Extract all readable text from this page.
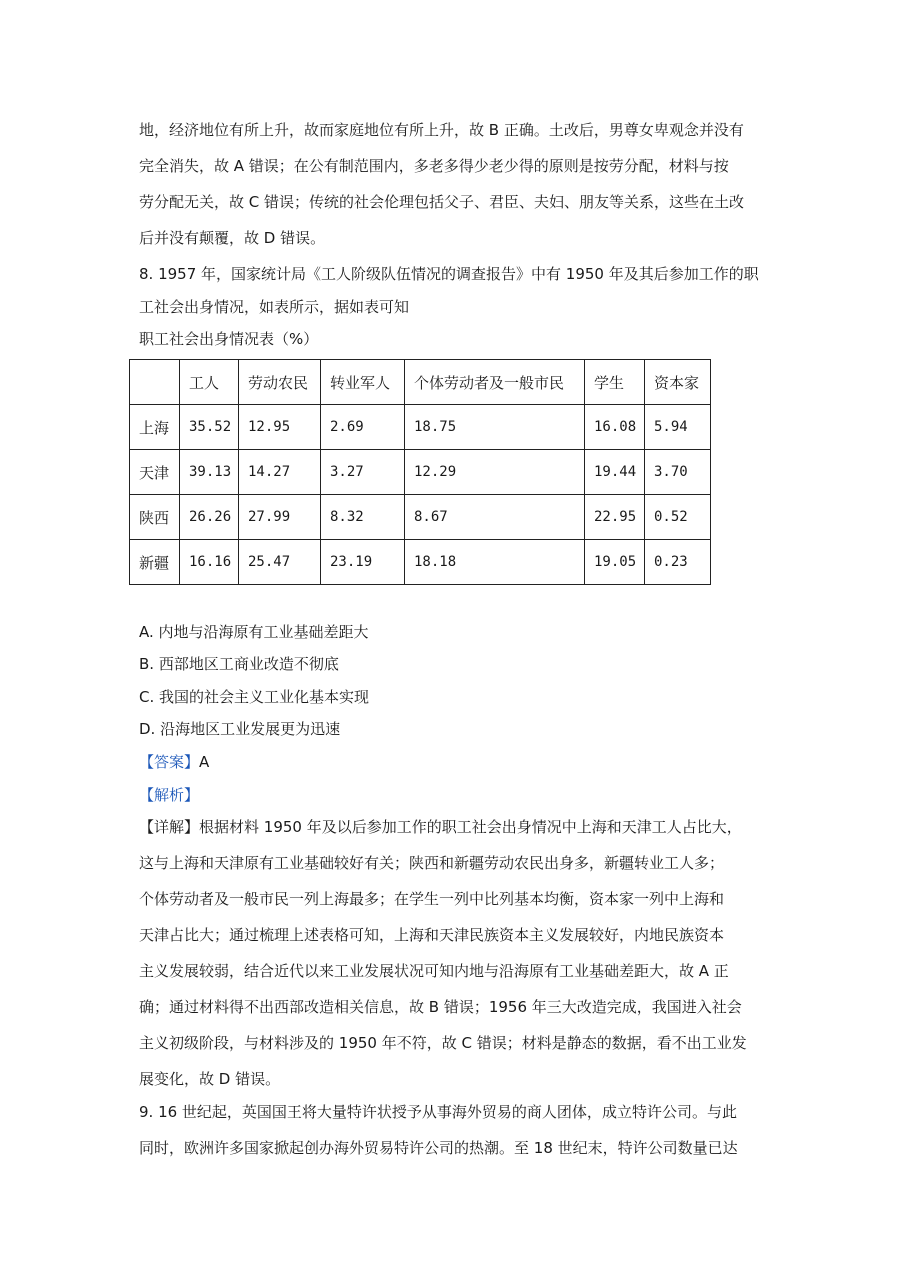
地，经济地位有所上升，故而家庭地位有所上升，故 B 正确。土改后，男尊女卑观念并没有
完全消失，故 A 错误；在公有制范围内，多老多得少老少得的原则是按劳分配，材料与按
劳分配无关，故 C 错误；传统的社会伦理包括父子、君臣、夫妇、朋友等关系，这些在土改
后并没有颠覆，故 D 错误。
8. 1957 年，国家统计局《工人阶级队伍情况的调查报告》中有 1950 年及其后参加工作的职
工社会出身情况，如表所示，据如表可知
职工社会出身情况表（%）
	工人	劳动农民	转业军人	个体劳动者及一般市民	学生	资本家
上海	35.52	12.95	2.69	18.75	16.08	5.94
天津	39.13	14.27	3.27	12.29	19.44	3.70
陕西	26.26	27.99	8.32	8.67	22.95	0.52
新疆	16.16	25.47	23.19	18.18	19.05	0.23
A. 内地与沿海原有工业基础差距大
B. 西部地区工商业改造不彻底
C. 我国的社会主义工业化基本实现
D. 沿海地区工业发展更为迅速
【答案】A
【解析】
【详解】根据材料 1950 年及以后参加工作的职工社会出身情况中上海和天津工人占比大，
这与上海和天津原有工业基础较好有关；陕西和新疆劳动农民出身多，新疆转业工人多；
个体劳动者及一般市民一列上海最多；在学生一列中比列基本均衡，资本家一列中上海和
天津占比大；通过梳理上述表格可知，上海和天津民族资本主义发展较好，内地民族资本
主义发展较弱，结合近代以来工业发展状况可知内地与沿海原有工业基础差距大，故 A 正
确；通过材料得不出西部改造相关信息，故 B 错误；1956 年三大改造完成，我国进入社会
主义初级阶段，与材料涉及的 1950 年不符，故 C 错误；材料是静态的数据，看不出工业发
展变化，故 D 错误。
9. 16 世纪起，英国国王将大量特许状授予从事海外贸易的商人团体，成立特许公司。与此
同时，欧洲许多国家掀起创办海外贸易特许公司的热潮。至 18 世纪末，特许公司数量已达
